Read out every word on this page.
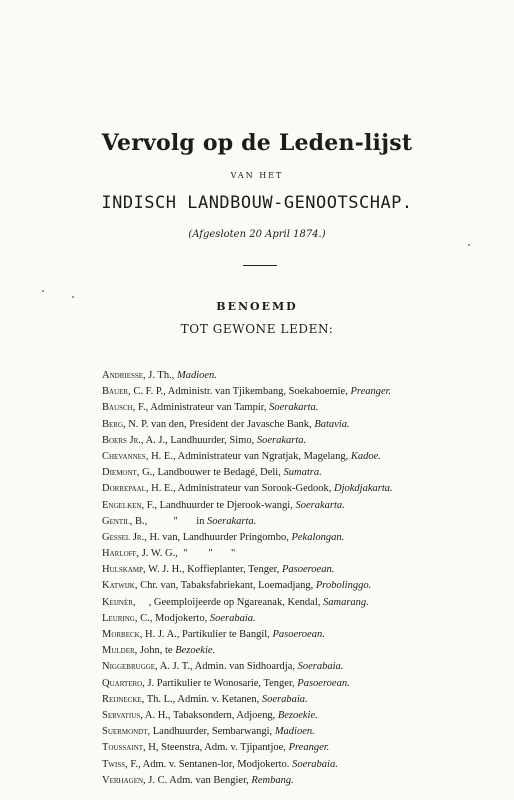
Vervolg op de Leden-lijst
VAN HET
INDISCH LANDBOUW-GENOOTSCHAP.
(Afgesloten 20 April 1874.)
BENOEMD
TOT GEWONE LEDEN:
Andriesse, J. Th., Madioen.
Bauer, C. F. P., Administr. van Tjikembang, Soekaboemie, Preanger.
Bausch, F., Administrateur van Tampir, Soerakarta.
Berg, N. P. van den, President der Javasche Bank, Batavia.
Boers Jr., A. J., Landhuurder, Simo, Soerakarta.
Chevannes, H. E., Administrateur van Ngratjak, Magelang, Kadoe.
Diemont, G., Landbouwer te Bedagé, Deli, Sumatra.
Dorrepaal, H. E., Administrateur van Sorook-Gedook, Djokdjakarta.
Engelken, F., Landhuurder te Djerook-wangi, Soerakarta.
Gentil, B.,          "       in Soerakarta.
Gessel Jr., H. van, Landhuurder Pringombo, Pekalongan.
Harloff, J. W. G.,  "        "       "
Hulskamp, W. J. H., Koffieplanter, Tenger, Pasoeroean.
Katwijk, Chr. van, Tabaksfabriekant, Loemadjang, Probolinggo.
Keijnèr,     , Geemploijeerde op Ngareanak, Kendal, Samarang.
Leuring, C., Modjokerto, Soerabaia.
Morbeck, H. J. A., Partikulier te Bangil, Pasoeroean.
Mulder, John, te Bezoekie.
Niggebrugge, A. J. T., Admin. van Sidhoardja, Soerabaia.
Quartero, J. Partikulier te Wonosarie, Tenger, Pasoeroean.
Reijnecke, Th. L., Admin. v. Ketanen, Soerabaia.
Servatius, A. H., Tabaksondern, Adjoeng, Bezoekie.
Suermondt, Landhuurder, Sembarwangi, Madioen.
Toussaint, H, Steenstra, Adm. v. Tjipantjoe, Preanger.
Twiss, F., Adm. v. Sentanen-lor, Modjokerto. Soerabaia.
Verhagen, J. C. Adm. van Bengier, Rembang.
